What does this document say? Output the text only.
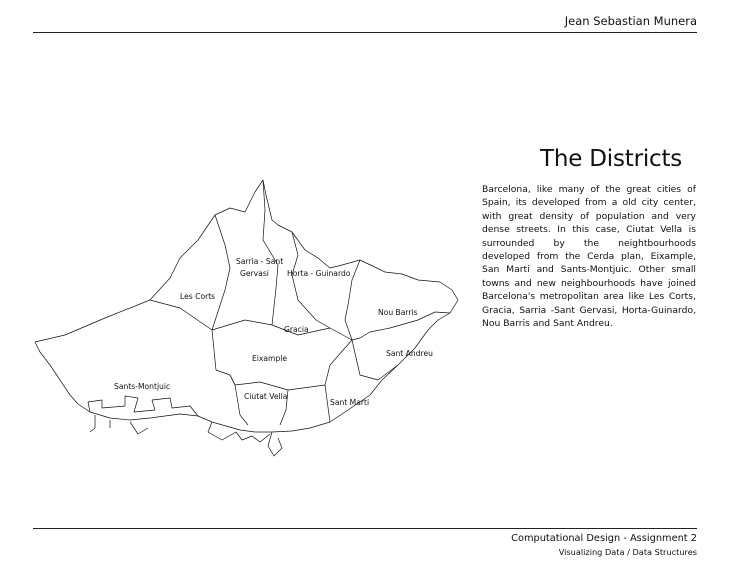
Jean Sebastian Munera
Sarria - Sant
Gervasi
Les Corts
Horta - Guinardo
Gracia
Nou Barris
Eixample
Sant Andreu
Sants-Montjuic
Ciutat Vella
Sant Marti
The Districts
Barcelona, like many of the great cities of Spain, its developed from a old city center, with great density of population and very dense streets. In this case, Ciutat Vella is surrounded by the neightbourhoods developed from the Cerda plan, Eixample, San Marti and Sants-Montjuic. Other small towns and new neighbourhoods have joined Barcelona's metropolitan area like Les Corts, Gracia, Sarria -Sant Gervasi, Horta-Guinardo, Nou Barris and Sant Andreu.
Computational Design - Assignment 2
Visualizing Data / Data Structures
